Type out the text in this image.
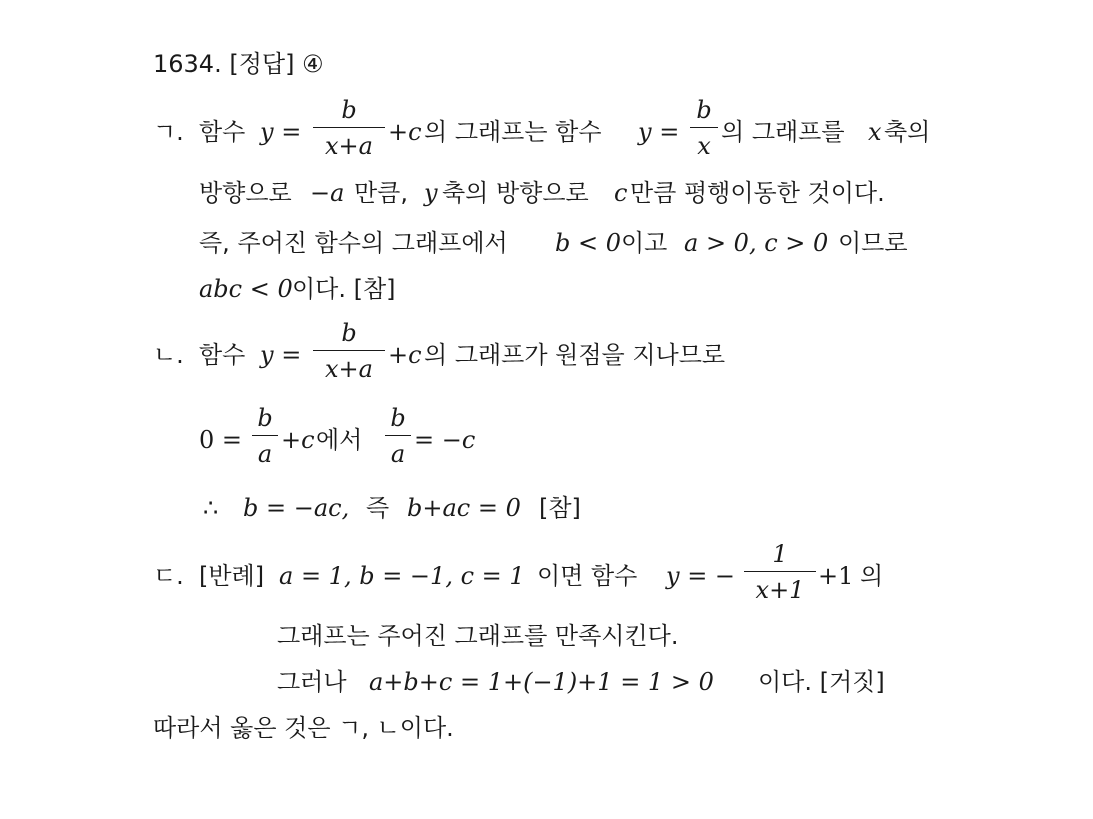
1634. [정답] ④
ㄱ. 함수 y =
b
x+a +c 의 그래프는 함수 y =
b
x 의 그래프를 x 축의
방향으로 −a 만큼, y 축의 방향으로 c 만큼 평행이동한 것이다.
즉, 주어진 함수의 그래프에서 b < 0 이고 a > 0, c > 0 이므로
abc < 0 이다. [참]
ㄴ. 함수 y =
b
x+a +c 의 그래프가 원점을 지나므로
0 =
b
a +c 에서
b
a = −c
∴ b = −ac, 즉 b+ac = 0 [참]
ㄷ. [반례] a = 1, b = −1, c = 1 이면 함수 y = −
1
x+1 +1 의
그래프는 주어진 그래프를 만족시킨다.
그러나 a+b+c = 1+(−1)+1 = 1 > 0 이다. [거짓]
따라서 옳은 것은 ㄱ, ㄴ이다.
